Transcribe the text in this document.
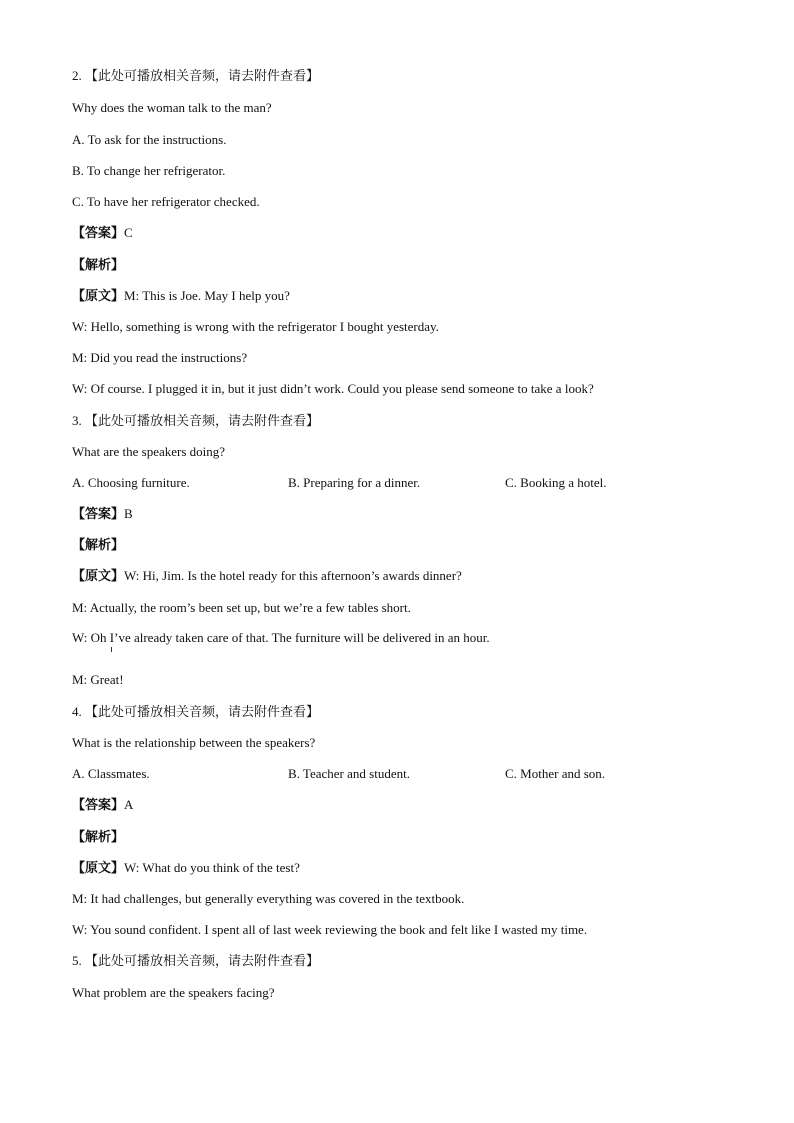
2. 【此处可播放相关音频，请去附件查看】
Why does the woman talk to the man?
A. To ask for the instructions.
B. To change her refrigerator.
C. To have her refrigerator checked.
【答案】C
【解析】
【原文】M: This is Joe. May I help you?
W: Hello, something is wrong with the refrigerator I bought yesterday.
M: Did you read the instructions?
W: Of course. I plugged it in, but it just didn’t work. Could you please send someone to take a look?
3. 【此处可播放相关音频，请去附件查看】
What are the speakers doing?
A. Choosing furniture.	B. Preparing for a dinner.	C. Booking a hotel.
【答案】B
【解析】
【原文】W: Hi, Jim. Is the hotel ready for this afternoon’s awards dinner?
M: Actually, the room’s been set up, but we’re a few tables short.
W: Oh I’ve already taken care of that. The furniture will be delivered in an hour.
M: Great!
4. 【此处可播放相关音频，请去附件查看】
What is the relationship between the speakers?
A. Classmates.	B. Teacher and student.	C. Mother and son.
【答案】A
【解析】
【原文】W: What do you think of the test?
M: It had challenges, but generally everything was covered in the textbook.
W: You sound confident. I spent all of last week reviewing the book and felt like I wasted my time.
5. 【此处可播放相关音频，请去附件查看】
What problem are the speakers facing?
